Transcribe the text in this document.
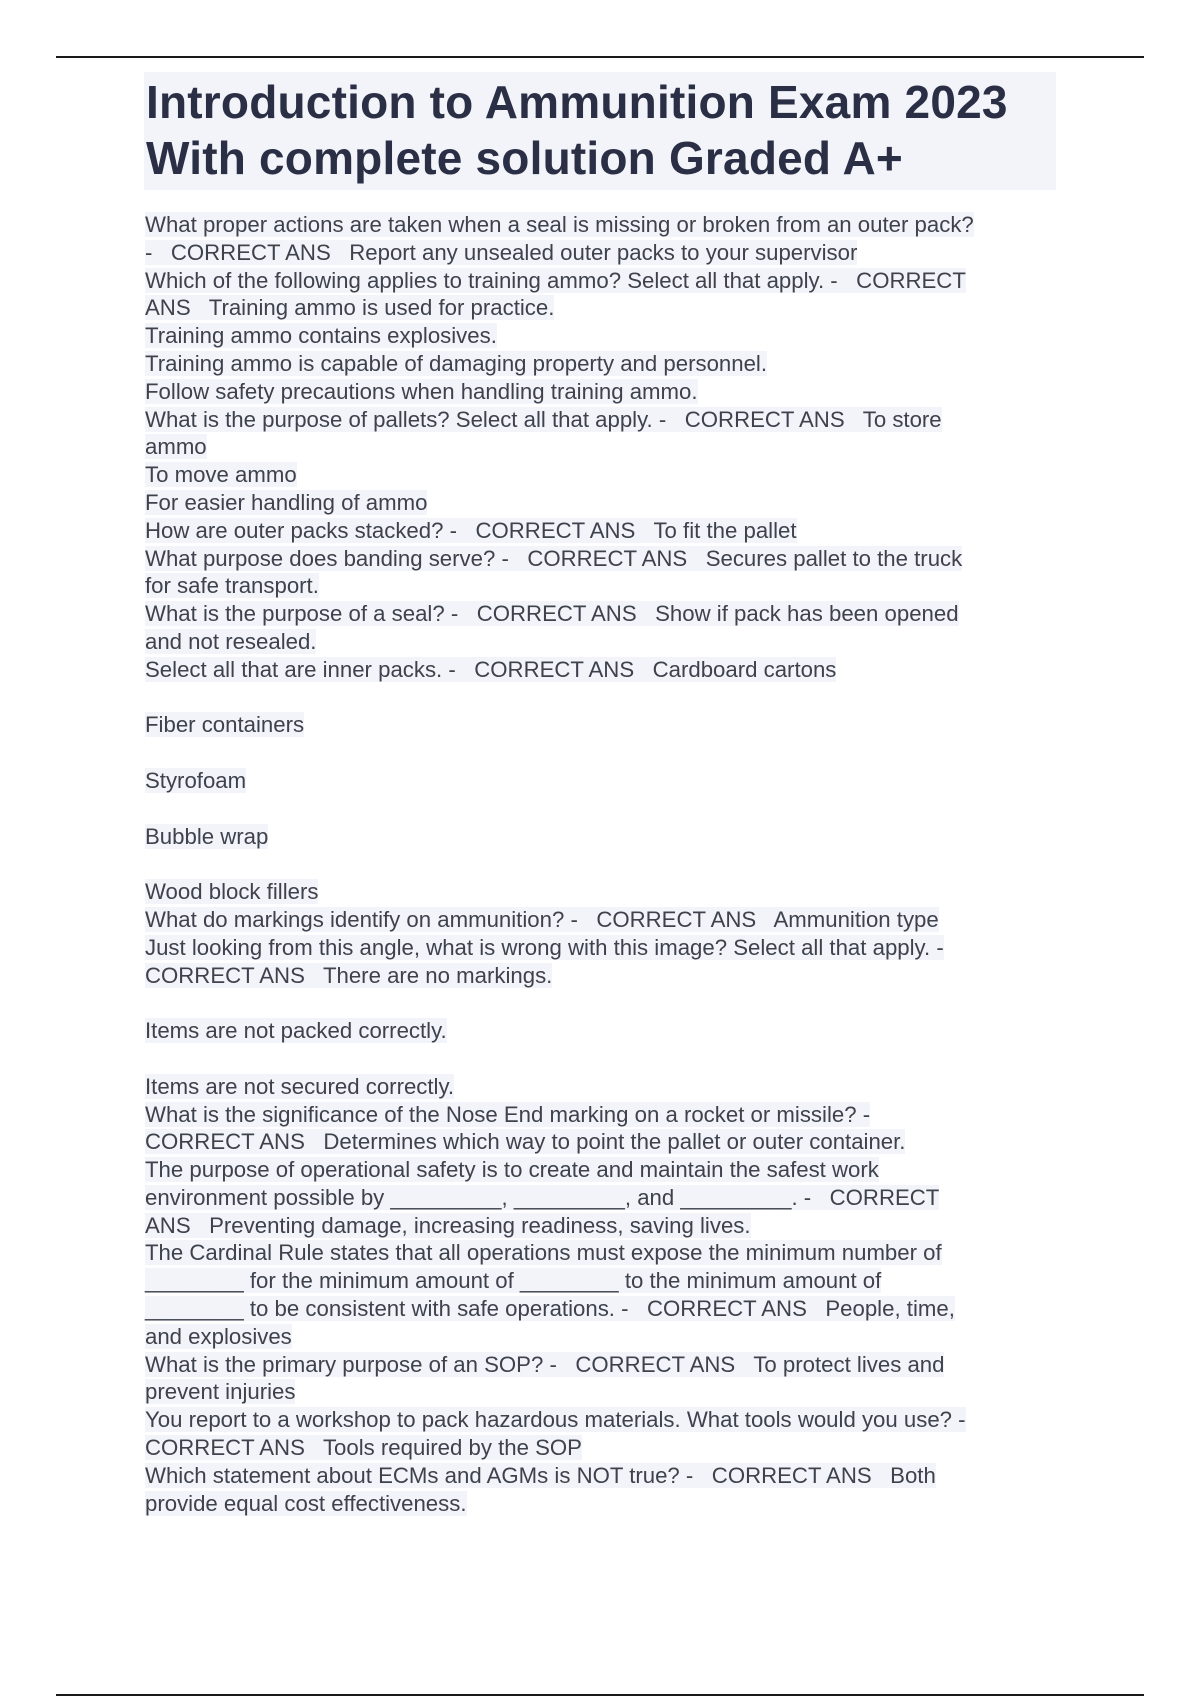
Introduction to Ammunition Exam 2023
With complete solution Graded A+
What proper actions are taken when a seal is missing or broken from an outer pack?
-   CORRECT ANS   Report any unsealed outer packs to your supervisor
Which of the following applies to training ammo? Select all that apply. -   CORRECT
ANS   Training ammo is used for practice.
Training ammo contains explosives.
Training ammo is capable of damaging property and personnel.
Follow safety precautions when handling training ammo.
What is the purpose of pallets? Select all that apply. -   CORRECT ANS   To store
ammo
To move ammo
For easier handling of ammo
How are outer packs stacked? -   CORRECT ANS   To fit the pallet
What purpose does banding serve? -   CORRECT ANS   Secures pallet to the truck
for safe transport.
What is the purpose of a seal? -   CORRECT ANS   Show if pack has been opened
and not resealed.
Select all that are inner packs. -   CORRECT ANS   Cardboard cartons
Fiber containers
Styrofoam
Bubble wrap
Wood block fillers
What do markings identify on ammunition? -   CORRECT ANS   Ammunition type
Just looking from this angle, what is wrong with this image? Select all that apply. -
CORRECT ANS   There are no markings.
Items are not packed correctly.
Items are not secured correctly.
What is the significance of the Nose End marking on a rocket or missile? -
CORRECT ANS   Determines which way to point the pallet or outer container.
The purpose of operational safety is to create and maintain the safest work
environment possible by _________, _________, and _________. -   CORRECT
ANS   Preventing damage, increasing readiness, saving lives.
The Cardinal Rule states that all operations must expose the minimum number of
________ for the minimum amount of ________ to the minimum amount of
________ to be consistent with safe operations. -   CORRECT ANS   People, time,
and explosives
What is the primary purpose of an SOP? -   CORRECT ANS   To protect lives and
prevent injuries
You report to a workshop to pack hazardous materials. What tools would you use? -
CORRECT ANS   Tools required by the SOP
Which statement about ECMs and AGMs is NOT true? -   CORRECT ANS   Both
provide equal cost effectiveness.
